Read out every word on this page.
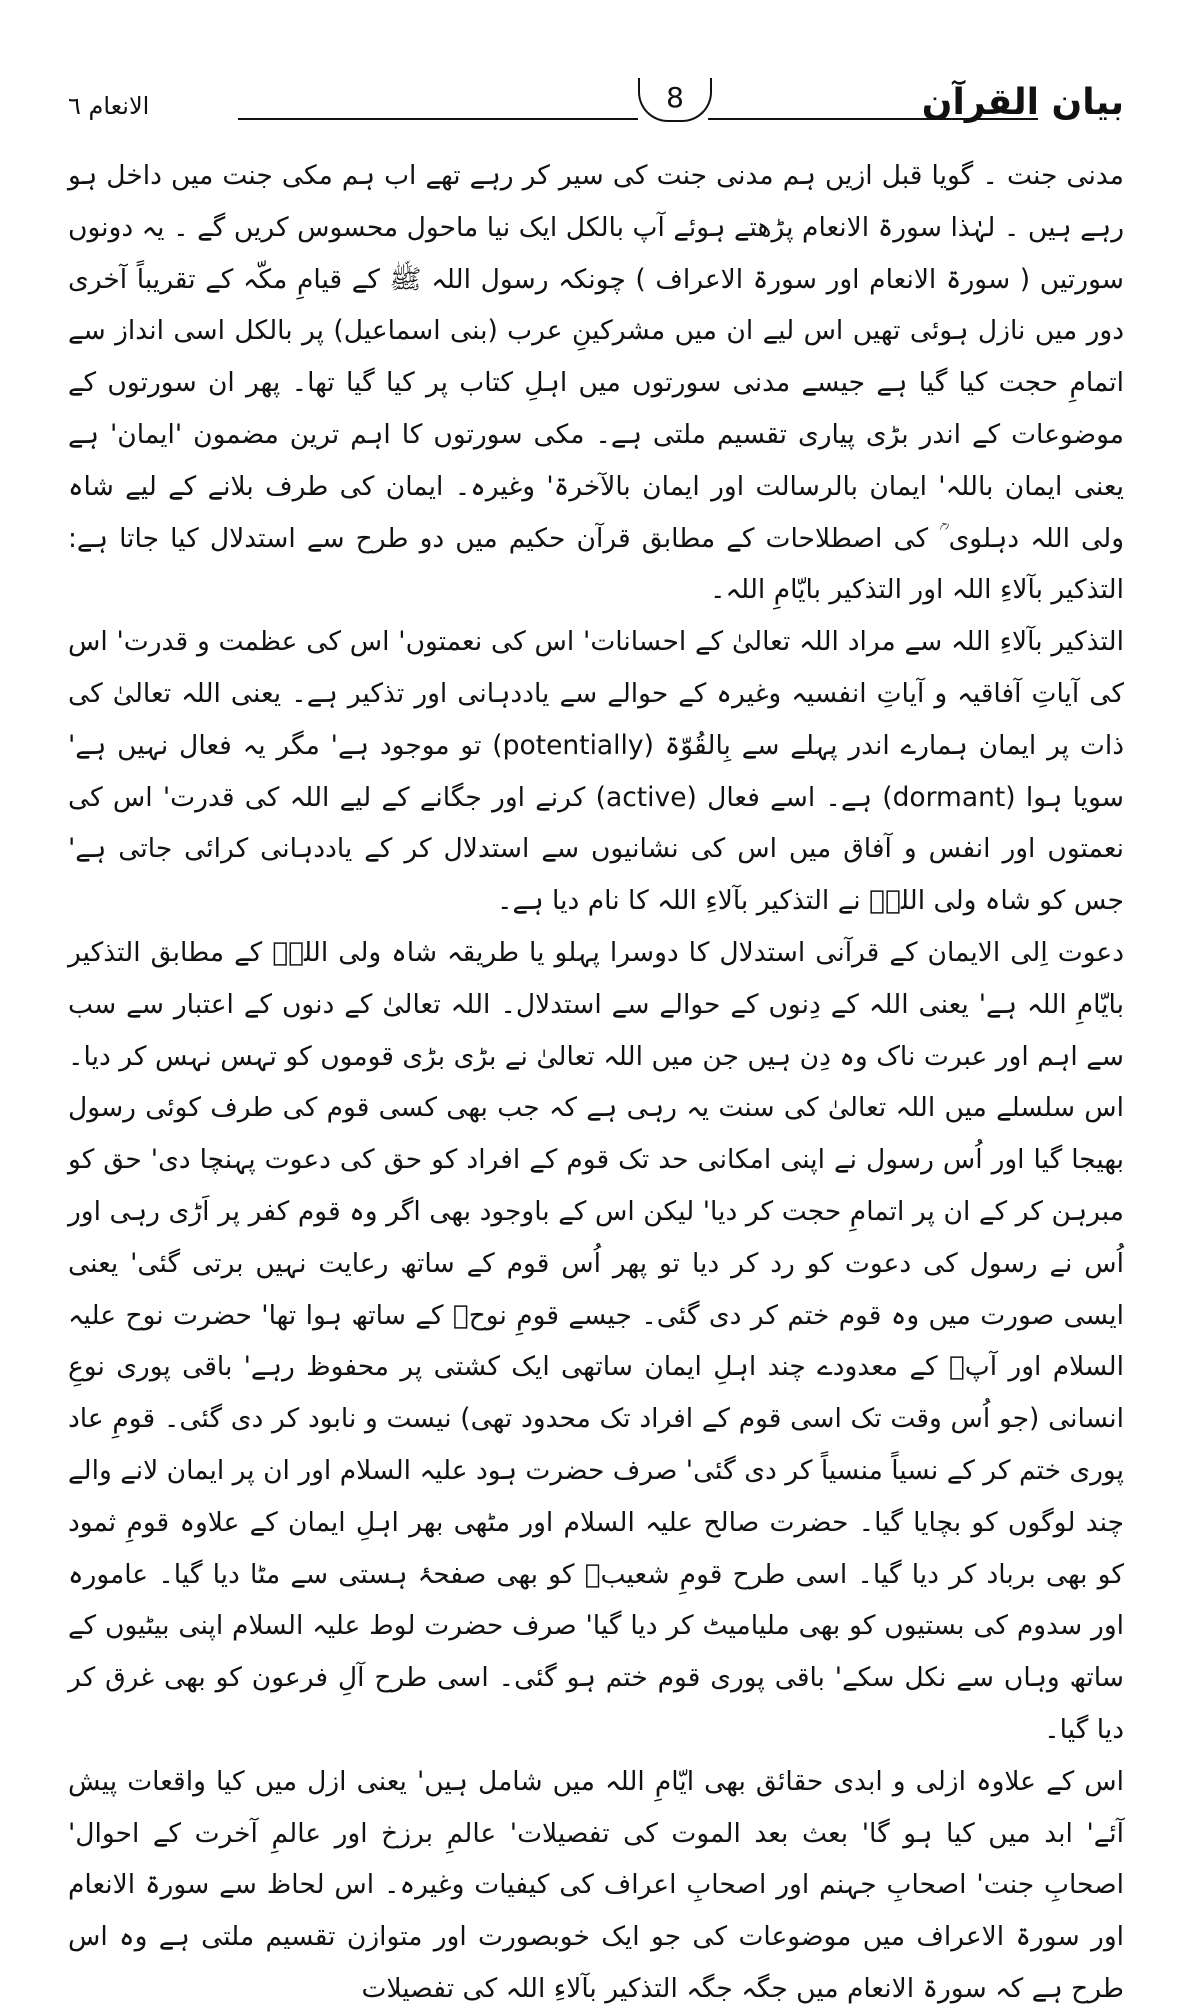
بیان القرآن
8
الانعام ٦

مدنی جنت ۔ گویا قبل ازیں ہم مدنی جنت کی سیر کر رہے تھے اب ہم مکی جنت میں داخل ہو رہے ہیں ۔ لہٰذا سورۃ الانعام پڑھتے ہوئے آپ بالکل ایک نیا ماحول محسوس کریں گے ۔ یہ دونوں سورتیں ( سورۃ الانعام اور سورۃ الاعراف ) چونکہ رسول اللہ ﷺ کے قیامِ مکّہ کے تقریباً آخری دور میں نازل ہوئی تھیں اس لیے ان میں مشرکینِ عرب (بنی اسماعیل) پر بالکل اسی انداز سے اتمامِ حجت کیا گیا ہے جیسے مدنی سورتوں میں اہلِ کتاب پر کیا گیا تھا۔ پھر ان سورتوں کے موضوعات کے اندر بڑی پیاری تقسیم ملتی ہے۔ مکی سورتوں کا اہم ترین مضمون 'ایمان' ہے یعنی ایمان باللہ' ایمان بالرسالت اور ایمان بالآخرۃ' وغیرہ۔ ایمان کی طرف بلانے کے لیے شاہ ولی اللہ دہلوی ؒ کی اصطلاحات کے مطابق قرآن حکیم میں دو طرح سے استدلال کیا جاتا ہے: التذکیر بآلاءِ اللہ اور التذکیر بایّامِ اللہ۔

التذکیر بآلاءِ اللہ سے مراد اللہ تعالیٰ کے احسانات' اس کی نعمتوں' اس کی عظمت و قدرت' اس کی آیاتِ آفاقیہ و آیاتِ انفسیہ وغیرہ کے حوالے سے یاددہانی اور تذکیر ہے۔ یعنی اللہ تعالیٰ کی ذات پر ایمان ہمارے اندر پہلے سے بِالقُوّۃ (potentially) تو موجود ہے' مگر یہ فعال نہیں ہے' سویا ہوا (dormant) ہے۔ اسے فعال (active) کرنے اور جگانے کے لیے اللہ کی قدرت' اس کی نعمتوں اور انفس و آفاق میں اس کی نشانیوں سے استدلال کر کے یاددہانی کرائی جاتی ہے' جس کو شاہ ولی اللہؒ نے التذکیر بآلاءِ اللہ کا نام دیا ہے۔

دعوت اِلی الایمان کے قرآنی استدلال کا دوسرا پہلو یا طریقہ شاہ ولی اللہؒ کے مطابق التذکیر بایّامِ اللہ ہے' یعنی اللہ کے دِنوں کے حوالے سے استدلال۔ اللہ تعالیٰ کے دنوں کے اعتبار سے سب سے اہم اور عبرت ناک وہ دِن ہیں جن میں اللہ تعالیٰ نے بڑی بڑی قوموں کو تہس نہس کر دیا۔ اس سلسلے میں اللہ تعالیٰ کی سنت یہ رہی ہے کہ جب بھی کسی قوم کی طرف کوئی رسول بھیجا گیا اور اُس رسول نے اپنی امکانی حد تک قوم کے افراد کو حق کی دعوت پہنچا دی' حق کو مبرہن کر کے ان پر اتمامِ حجت کر دیا' لیکن اس کے باوجود بھی اگر وہ قوم کفر پر اَڑی رہی اور اُس نے رسول کی دعوت کو رد کر دیا تو پھر اُس قوم کے ساتھ رعایت نہیں برتی گئی' یعنی ایسی صورت میں وہ قوم ختم کر دی گئی۔ جیسے قومِ نوحؑ کے ساتھ ہوا تھا' حضرت نوح علیہ السلام اور آپؑ کے معدودے چند اہلِ ایمان ساتھی ایک کشتی پر محفوظ رہے' باقی پوری نوعِ انسانی (جو اُس وقت تک اسی قوم کے افراد تک محدود تھی) نیست و نابود کر دی گئی۔ قومِ عاد پوری ختم کر کے نسیاً منسیاً کر دی گئی' صرف حضرت ہود علیہ السلام اور ان پر ایمان لانے والے چند لوگوں کو بچایا گیا۔ حضرت صالح علیہ السلام اور مٹھی بھر اہلِ ایمان کے علاوہ قومِ ثمود کو بھی برباد کر دیا گیا۔ اسی طرح قومِ شعیبؑ کو بھی صفحۂ ہستی سے مٹا دیا گیا۔ عامورہ اور سدوم کی بستیوں کو بھی ملیامیٹ کر دیا گیا' صرف حضرت لوط علیہ السلام اپنی بیٹیوں کے ساتھ وہاں سے نکل سکے' باقی پوری قوم ختم ہو گئی۔ اسی طرح آلِ فرعون کو بھی غرق کر دیا گیا۔

اس کے علاوہ ازلی و ابدی حقائق بھی ایّامِ اللہ میں شامل ہیں' یعنی ازل میں کیا واقعات پیش آئے' ابد میں کیا ہو گا' بعث بعد الموت کی تفصیلات' عالمِ برزخ اور عالمِ آخرت کے احوال' اصحابِ جنت' اصحابِ جہنم اور اصحابِ اعراف کی کیفیات وغیرہ۔ اس لحاظ سے سورۃ الانعام اور سورۃ الاعراف میں موضوعات کی جو ایک خوبصورت اور متوازن تقسیم ملتی ہے وہ اس طرح ہے کہ سورۃ الانعام میں جگہ جگہ التذکیر بآلاءِ اللہ کی تفصیلات
